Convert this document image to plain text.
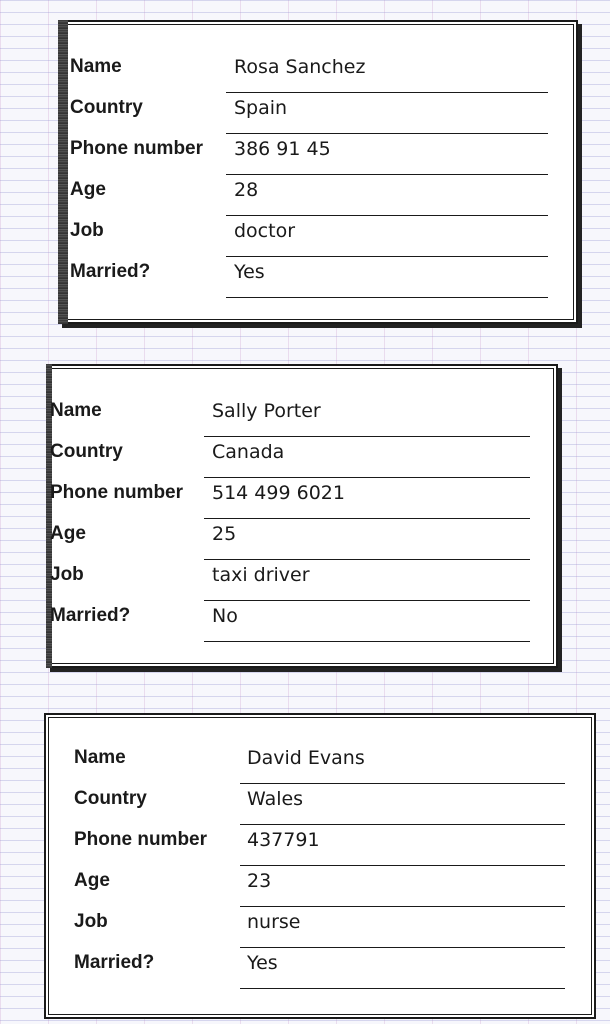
Name	Rosa Sanchez
Country	Spain
Phone number 386 91 45
Age	28
Job	doctor
Married?	Yes
Name	Sally Porter
Country	Canada
Phone number 514 499 6021
Age	25
Job	taxi driver
Married?	No
Name	David Evans
Country	Wales
Phone number 437791
Age	23
Job	nurse
Married?	Yes
